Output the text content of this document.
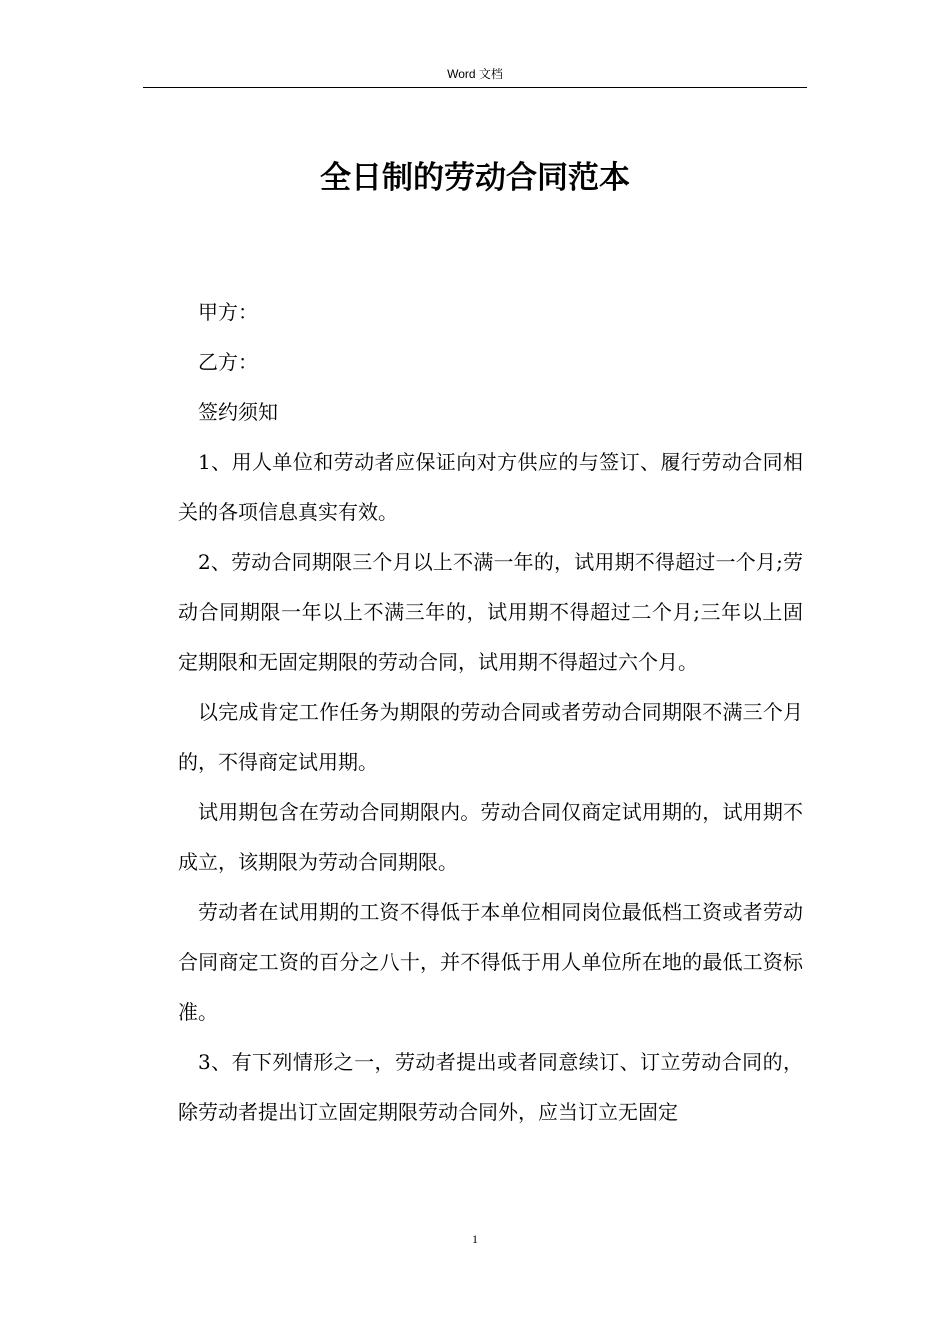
Word 文档
全日制的劳动合同范本

甲方：

乙方：

签约须知

1、用人单位和劳动者应保证向对方供应的与签订、履行劳动合同相关的各项信息真实有效。

2、劳动合同期限三个月以上不满一年的，试用期不得超过一个月;劳动合同期限一年以上不满三年的，试用期不得超过二个月;三年以上固定期限和无固定期限的劳动合同，试用期不得超过六个月。

以完成肯定工作任务为期限的劳动合同或者劳动合同期限不满三个月的，不得商定试用期。

试用期包含在劳动合同期限内。劳动合同仅商定试用期的，试用期不成立，该期限为劳动合同期限。

劳动者在试用期的工资不得低于本单位相同岗位最低档工资或者劳动合同商定工资的百分之八十，并不得低于用人单位所在地的最低工资标准。

3、有下列情形之一，劳动者提出或者同意续订、订立劳动合同的，除劳动者提出订立固定期限劳动合同外，应当订立无固定

1
